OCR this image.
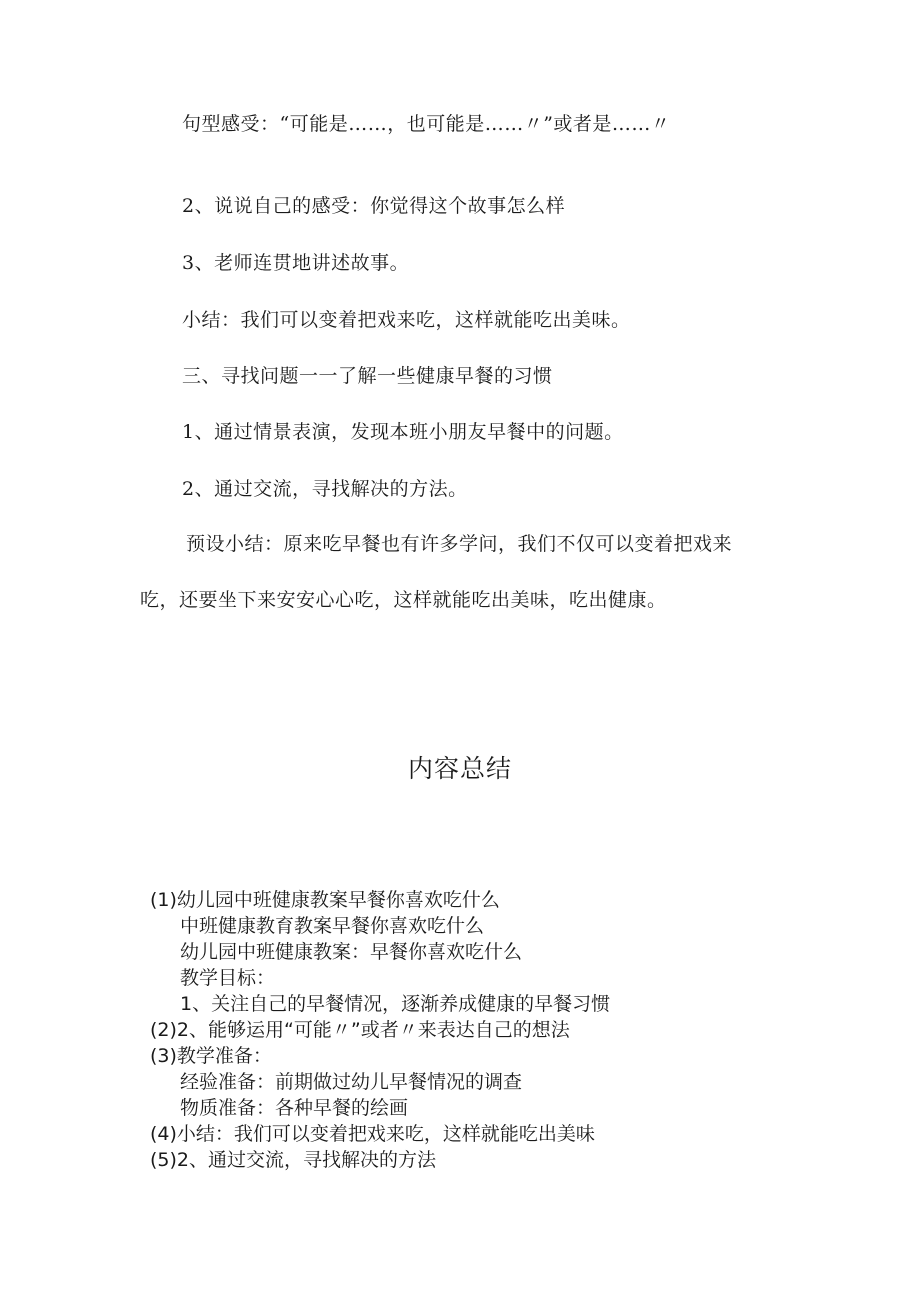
句型感受：“可能是……，也可能是……〃”或者是……〃
2、说说自己的感受：你觉得这个故事怎么样
3、老师连贯地讲述故事。
小结：我们可以变着把戏来吃，这样就能吃出美味。
三、寻找问题一一了解一些健康早餐的习惯
1、通过情景表演，发现本班小朋友早餐中的问题。
2、通过交流，寻找解决的方法。
预设小结：原来吃早餐也有许多学问，我们不仅可以变着把戏来
吃，还要坐下来安安心心吃，这样就能吃出美味，吃出健康。
内容总结
(1)幼儿园中班健康教案早餐你喜欢吃什么
中班健康教育教案早餐你喜欢吃什么
幼儿园中班健康教案：早餐你喜欢吃什么
教学目标：
1、关注自己的早餐情况，逐渐养成健康的早餐习惯
(2)2、能够运用“可能〃”或者〃来表达自己的想法
(3)教学准备：
经验准备：前期做过幼儿早餐情况的调查
物质准备：各种早餐的绘画
(4)小结：我们可以变着把戏来吃，这样就能吃出美味
(5)2、通过交流，寻找解决的方法
